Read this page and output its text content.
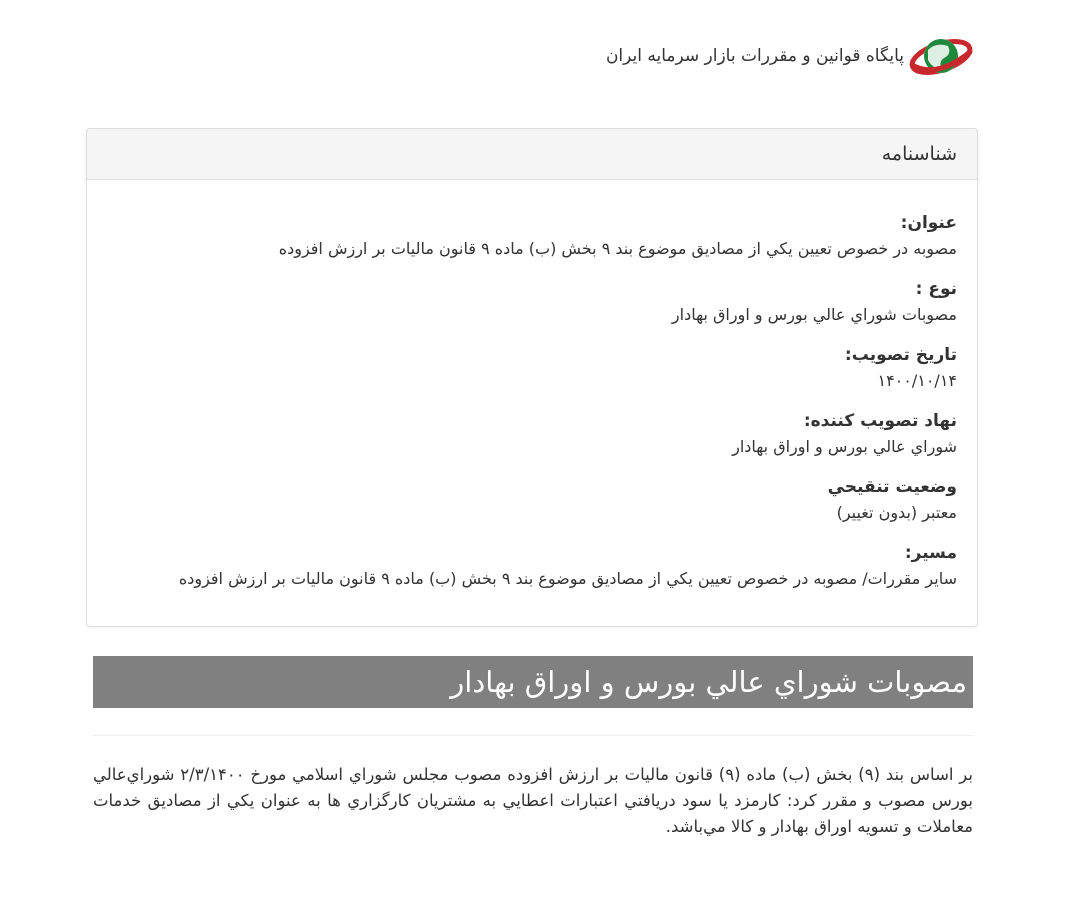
پايگاه قوانين و مقررات بازار سرمايه ايران
شناسنامه
عنوان:
مصوبه در خصوص تعيين يكي از مصاديق موضوع بند ۹ بخش (ب) ماده ۹ قانون ماليات بر ارزش افزوده
نوع :
مصوبات شوراي عالي بورس و اوراق بهادار
تاريخ تصويب:
۱۴۰۰/۱۰/۱۴
نهاد تصويب كننده:
شوراي عالي بورس و اوراق بهادار
وضعيت تنقيحي
معتبر (بدون تغيير)
مسير:
ساير مقررات/ مصوبه در خصوص تعيين يكي از مصاديق موضوع بند ۹ بخش (ب) ماده ۹ قانون ماليات بر ارزش افزوده
مصوبات شوراي عالي بورس و اوراق بهادار

بر اساس بند (۹) بخش (ب) ماده (۹) قانون ماليات بر ارزش افزوده مصوب مجلس شوراي اسلامي مورخ ۲/۳/۱۴۰۰ شوراي‌عالي بورس مصوب و مقرر كرد: كارمزد يا سود دريافتي اعتبارات اعطايي به مشتريان كارگزاري ها به عنوان يكي از مصاديق خدمات معاملات و تسويه اوراق بهادار و كالا مي‌باشد.
